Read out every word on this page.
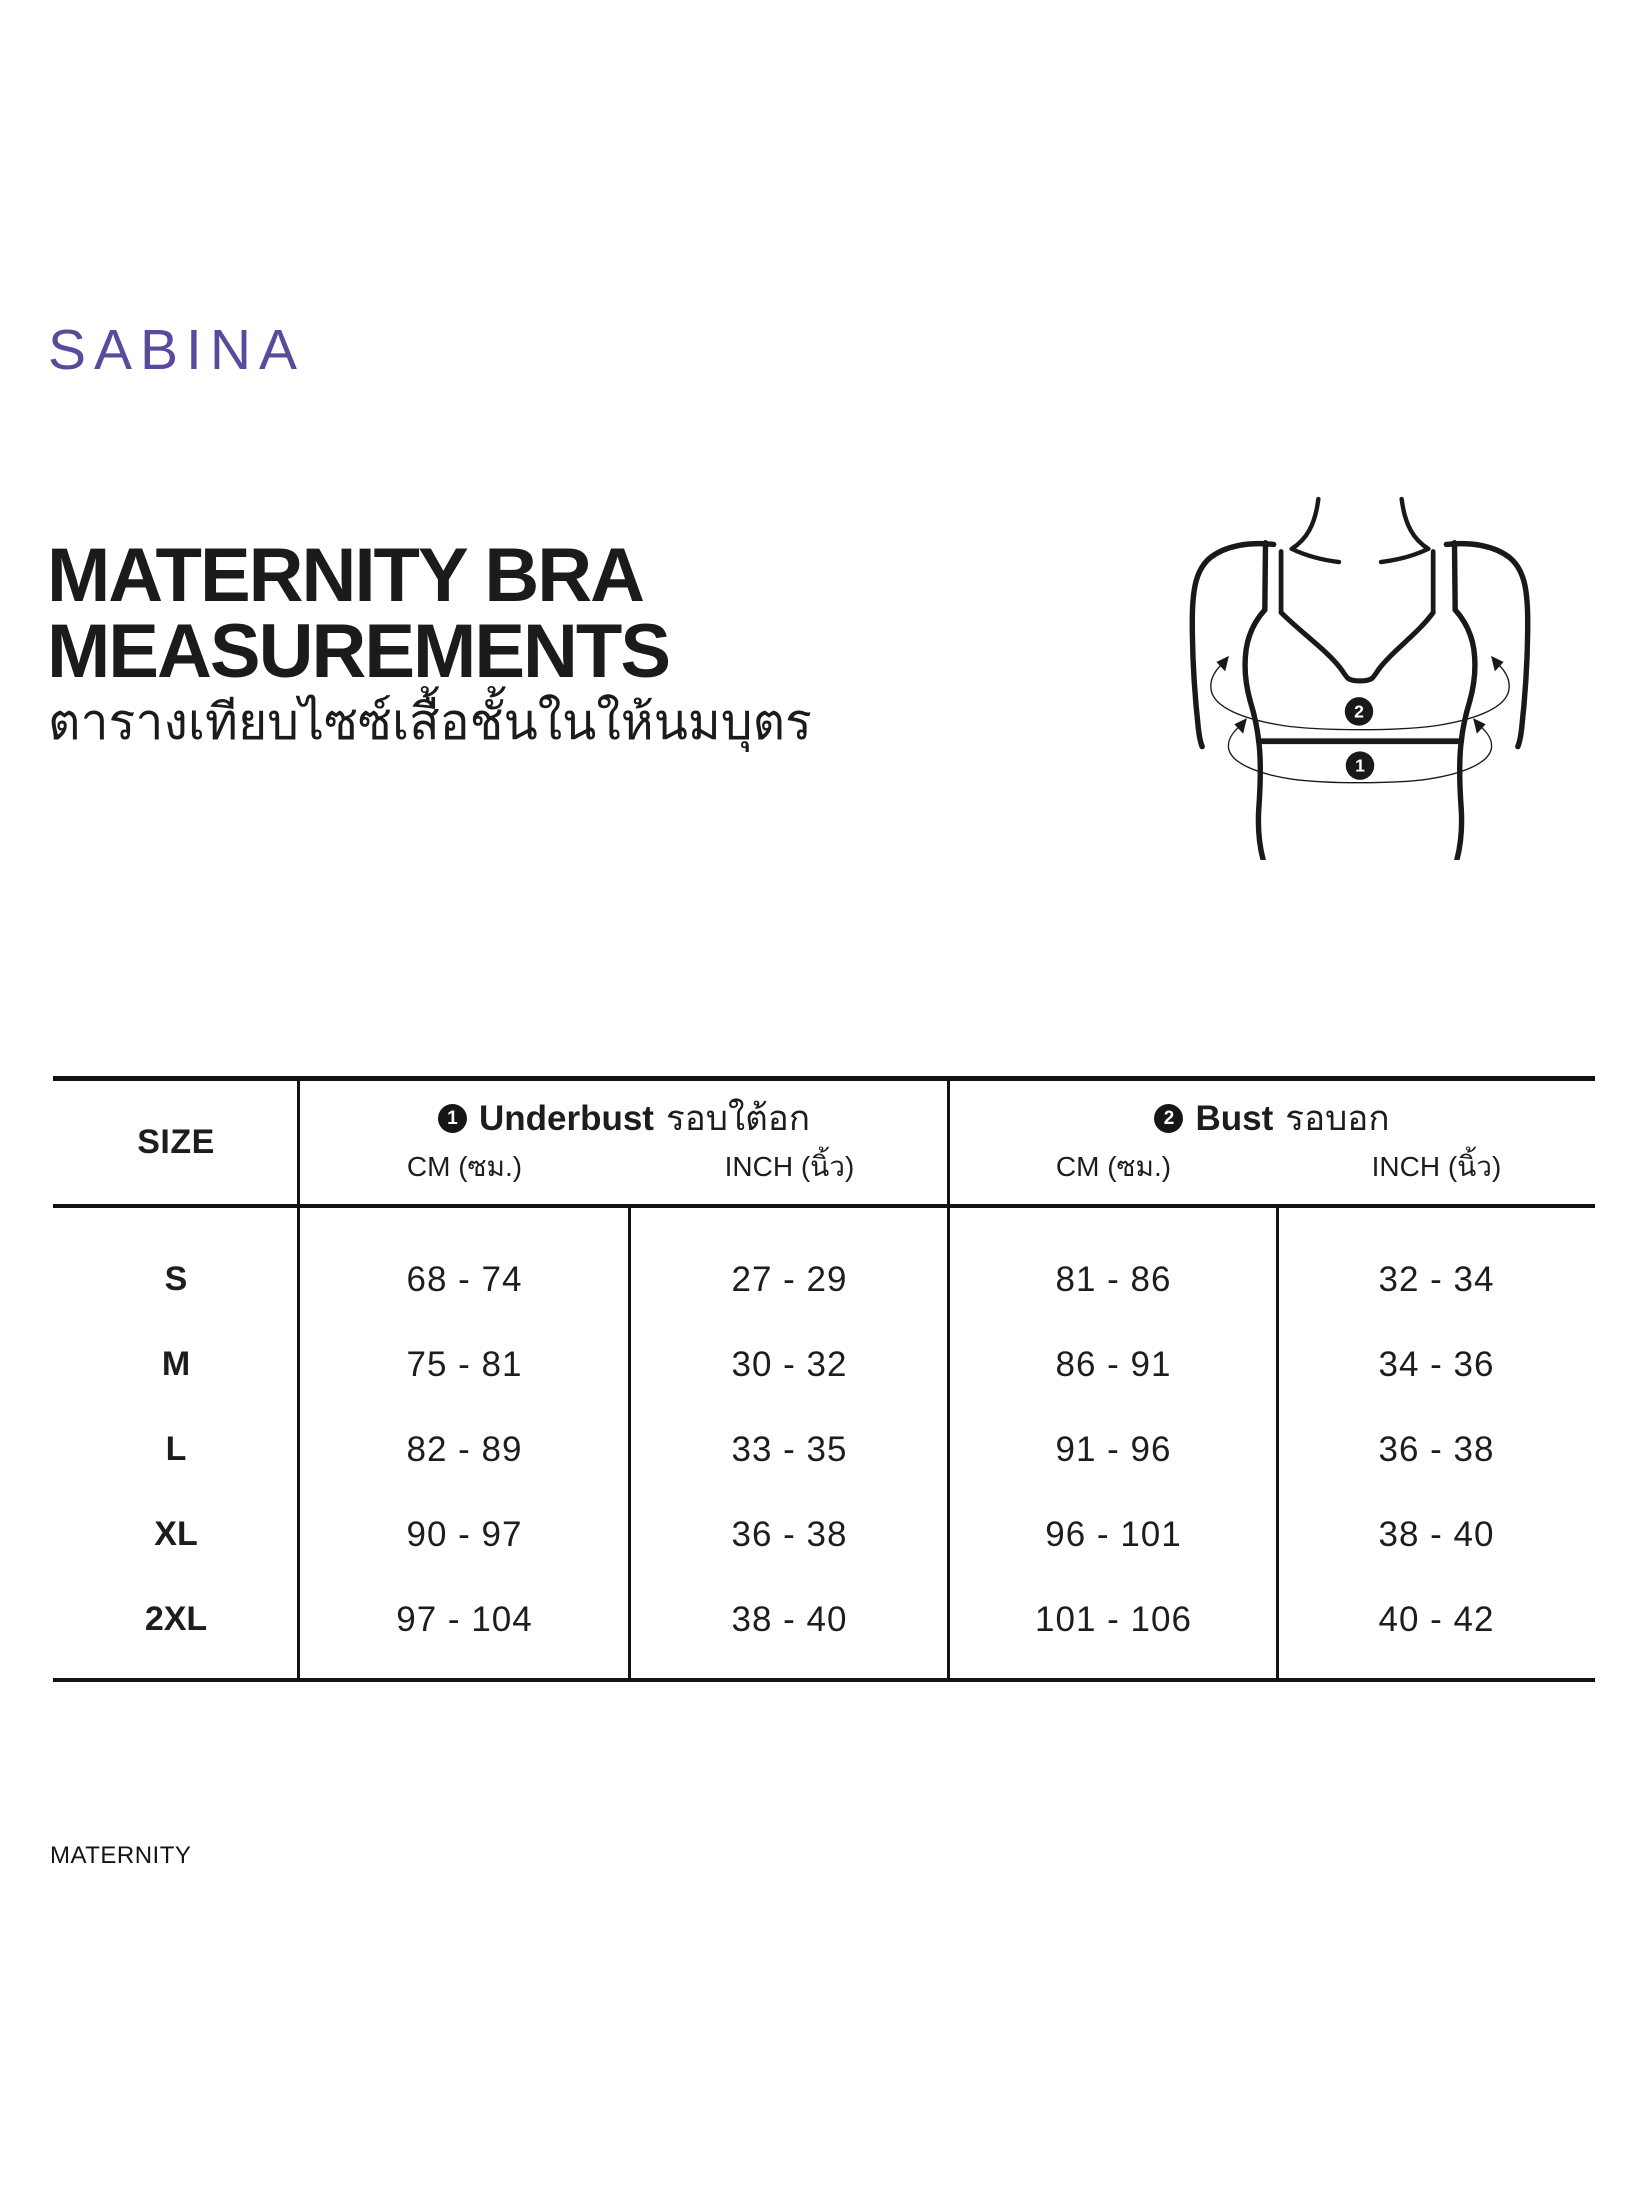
SABINA
MATERNITY BRA
MEASUREMENTS
ตารางเทียบไซซ์เสื้อชั้นในให้นมบุตร	2
1
SIZE
1 Underbust รอบใต้อก
CM (ซม.)	INCH (นิ้ว)
2 Bust รอบอก
CM (ซม.)	INCH (นิ้ว)
S	68 - 74	27 - 29	81 - 86	32 - 34
M	75 - 81	30 - 32	86 - 91	34 - 36
L	82 - 89	33 - 35	91 - 96	36 - 38
XL	90 - 97	36 - 38	96 - 101	38 - 40
2XL	97 - 104	38 - 40	101 - 106	40 - 42
MATERNITY
